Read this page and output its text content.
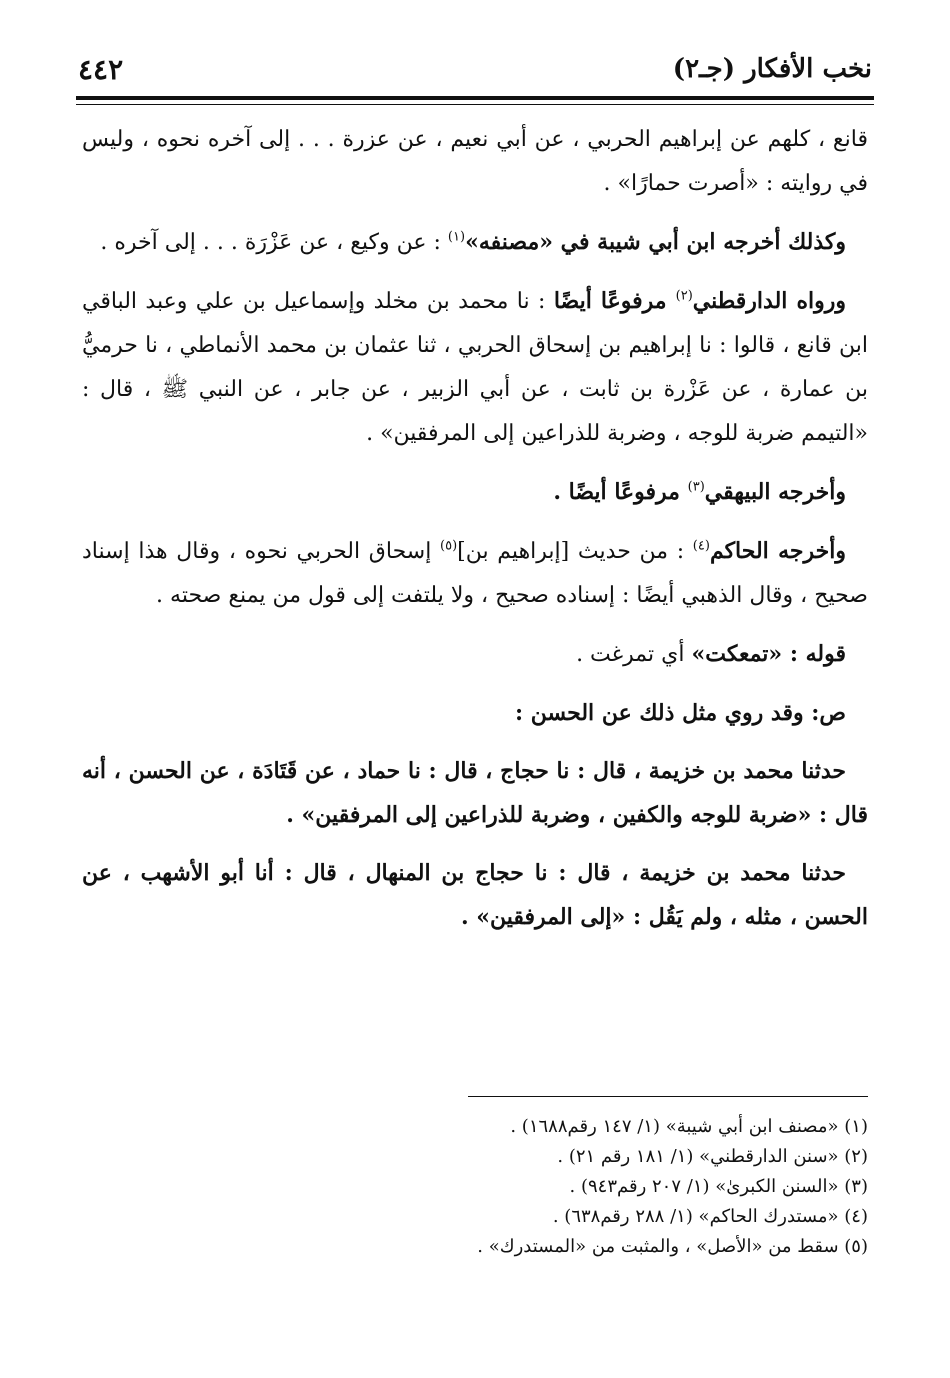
نخب الأفكار (جـ٢)
٤٤٢

قانع ، كلهم عن إبراهيم الحربي ، عن أبي نعيم ، عن عزرة . . . إلى آخره نحوه ، وليس في روايته : «أصرت حمارًا» .

وكذلك أخرجه ابن أبي شيبة في «مصنفه»$^{(١)}$ : عن وكيع ، عن عَزْرَة . . . إلى آخره .

ورواه الدارقطني$^{(٢)}$ مرفوعًا أيضًا : نا محمد بن مخلد وإسماعيل بن علي وعبد الباقي ابن قانع ، قالوا : نا إبراهيم بن إسحاق الحربي ، ثنا عثمان بن محمد الأنماطي ، نا حرميُّ بن عمارة ، عن عَزْرة بن ثابت ، عن أبي الزبير ، عن جابر ، عن النبي ﷺ ، قال : «التيمم ضربة للوجه ، وضربة للذراعين إلى المرفقين» .

وأخرجه البيهقي$^{(٣)}$ مرفوعًا أيضًا .

وأخرجه الحاكم$^{(٤)}$ : من حديث [إبراهيم بن]$^{(٥)}$ إسحاق الحربي نحوه ، وقال هذا إسناد صحيح ، وقال الذهبي أيضًا : إسناده صحيح ، ولا يلتفت إلى قول من يمنع صحته .

قوله : «تمعكت» أي تمرغت .

ص: وقد روي مثل ذلك عن الحسن :

حدثنا محمد بن خزيمة ، قال : نا حجاج ، قال : نا حماد ، عن قَتَادَة ، عن الحسن ، أنه قال : «ضربة للوجه والكفين ، وضربة للذراعين إلى المرفقين» .

حدثنا محمد بن خزيمة ، قال : نا حجاج بن المنهال ، قال : أنا أبو الأشهب ، عن الحسن ، مثله ، ولم يَقُل : «إلى المرفقين» .

(١) «مصنف ابن أبي شيبة» (١/ ١٤٧ رقم١٦٨٨) .
(٢) «سنن الدارقطني» (١/ ١٨١ رقم ٢١) .
(٣) «السنن الكبرىٰ» (١/ ٢٠٧ رقم٩٤٣) .
(٤) «مستدرك الحاكم» (١/ ٢٨٨ رقم٦٣٨) .
(٥) سقط من «الأصل» ، والمثبت من «المستدرك» .
